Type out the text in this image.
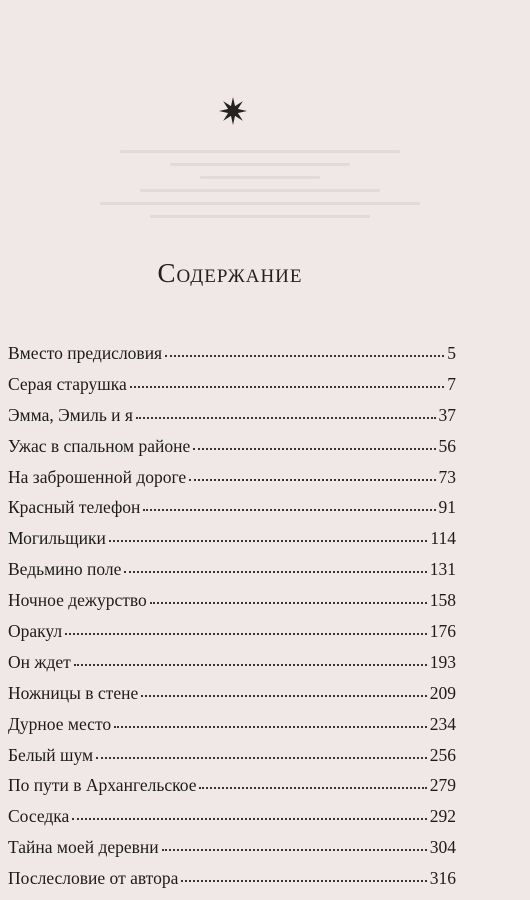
Содержание
Вместо предисловия	5
Серая старушка	7
Эмма, Эмиль и я	37
Ужас в спальном районе	56
На заброшенной дороге	73
Красный телефон	91
Могильщики	114
Ведьмино поле	131
Ночное дежурство	158
Оракул	176
Он ждет	193
Ножницы в стене	209
Дурное место	234
Белый шум	256
По пути в Архангельское	279
Соседка	292
Тайна моей деревни	304
Послесловие от автора	316
